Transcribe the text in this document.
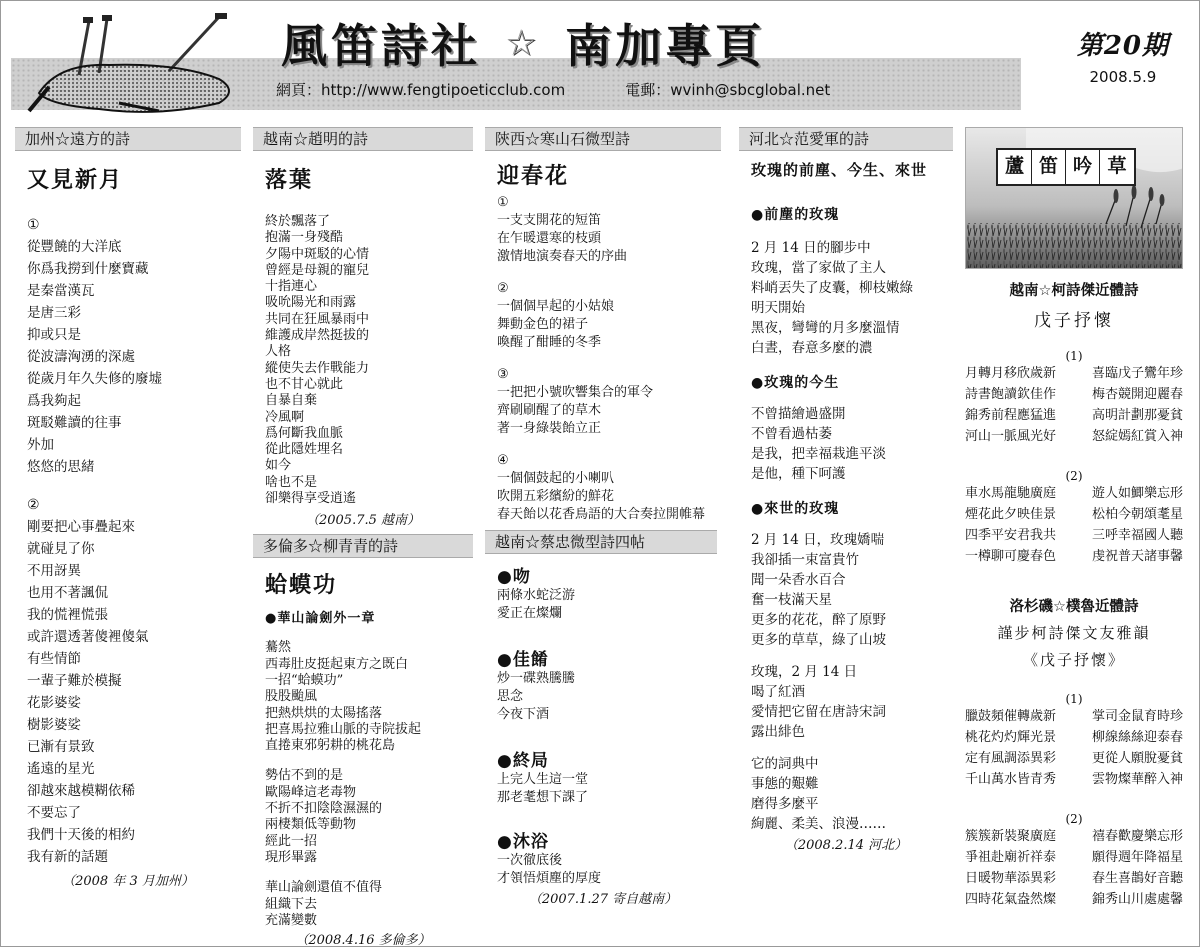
風笛詩社 ☆ 南加專頁
網頁：http://www.fengtipoeticclub.com	電郵：wvinh@sbcglobal.net
第20期
2008.5.9
加州☆遠方的詩
又見新月
①
從豐饒的大洋底
你爲我撈到什麼寶藏
是秦當漢瓦
是唐三彩
抑或只是
從波濤洶湧的深處
從歲月年久失修的廢墟
爲我夠起
斑駁難讀的往事
外加
悠悠的思緒
②
剛要把心事疊起來
就碰見了你
不用訝異
也用不著諷侃
我的慌裡慌張
或許還透著傻裡傻氣
有些情節
一輩子難於模擬
花影婆娑
樹影婆娑
已漸有景致
遙遠的星光
卻越來越模糊依稀
不要忘了
我們十天後的相約
我有新的話題
（2008 年 3 月加州）
越南☆趙明的詩
落葉
終於飄落了
抱滿一身殘酷
夕陽中斑駁的心情
曾經是母親的寵兒
十指連心
吸吮陽光和雨露
共同在狂風暴雨中
維護成岸然挺拔的
人格
縱使失去作戰能力
也不甘心就此
自暴自棄
冷風啊
爲何斷我血脈
從此隱姓埋名
如今
啥也不是
卻樂得享受逍遙
（2005.7.5 越南）
多倫多☆柳青青的詩
蛤蟆功
●華山論劍外一章
驀然
西毒肚皮挺起東方之既白
一招“蛤蟆功”
股股颱風
把熱烘烘的太陽搖落
把喜馬拉雅山脈的寺院拔起
直捲東邪躬耕的桃花島
勢估不到的是
歐陽峰這老毒物
不折不扣陰陰濕濕的
兩棲類低等動物
經此一招
現形畢露
華山論劍還值不值得
組織下去
充滿變數
（2008.4.16 多倫多）
陝西☆寒山石微型詩
迎春花
①
一支支開花的短笛
在乍暖還寒的枝頭
激情地演奏春天的序曲
②
一個個早起的小姑娘
舞動金色的裙子
喚醒了酣睡的冬季
③
一把把小號吹響集合的軍令
齊刷刷醒了的草木
著一身綠裝飴立正
④
一個個鼓起的小喇叭
吹開五彩繽紛的鮮花
春天飴以花香鳥語的大合奏拉開帷幕
越南☆蔡忠微型詩四帖
●吻
兩條水蛇泛游
愛正在燦爛
●佳餚
炒一碟熟騰騰
思念
今夜下酒
●終局
上完人生這一堂
那老耄想下課了
●沐浴
一次徹底後
才領悟煩塵的厚度
（2007.1.27 寄自越南）
河北☆范愛軍的詩
玫瑰的前塵、今生、來世
●前塵的玫瑰
2 月 14 日的腳步中
玫瑰，當了家做了主人
料峭丟失了皮囊，柳枝嫩綠
明天開始
黑夜，彎彎的月多麼溫情
白晝，春意多麼的濃
●玫瑰的今生
不曾描繪過盛開
不曾看過枯萎
是我，把幸福栽進平淡
是他，種下呵護
●來世的玫瑰
2 月 14 日，玫瑰嬌喘
我卻插一束富貴竹
聞一朵香水百合
奮一枝滿天星
更多的花花，醉了原野
更多的草草，綠了山坡
玫瑰，2 月 14 日
喝了紅酒
愛情把它留在唐詩宋詞
露出緋色
它的詞典中
事態的艱難
磨得多麼平
絢麗、柔美、浪漫……
（2008.2.14 河北）
蘆 笛 吟 草
越南☆柯詩傑近體詩
戊子抒懷
(1)
月轉月移欣歲新	喜臨戊子鸞年珍
詩書飽讀欽佳作	梅杏競開迎麗春
錦秀前程應猛進	高明計劃那憂貧
河山一脈風光好	怒綻嫣紅賞入神
(2)
車水馬龍馳廣庭	遊人如鯽樂忘形
煙花此夕映佳景	松柏今朝頌耄星
四季平安君我共	三呼幸福國人聽
一樽聊可慶春色	虔祝普天諸事馨
洛杉磯☆樸魯近體詩
謹步柯詩傑文友雅韻
《戊子抒懷》
(1)
臘鼓頻催轉歲新	掌司金鼠育時珍
桃花灼灼輝光景	柳線絲絲迎泰春
定有風調添異彩	更從人願脫憂貧
千山萬水皆青秀	雲物燦華醉入神
(2)
簇簇新裝聚廣庭	禧春歡慶樂忘形
爭祖赴廟祈祥泰	願得週年降福星
日暖物華添異彩	春生喜鵲好音聽
四時花氣盎然燦	錦秀山川處處馨
